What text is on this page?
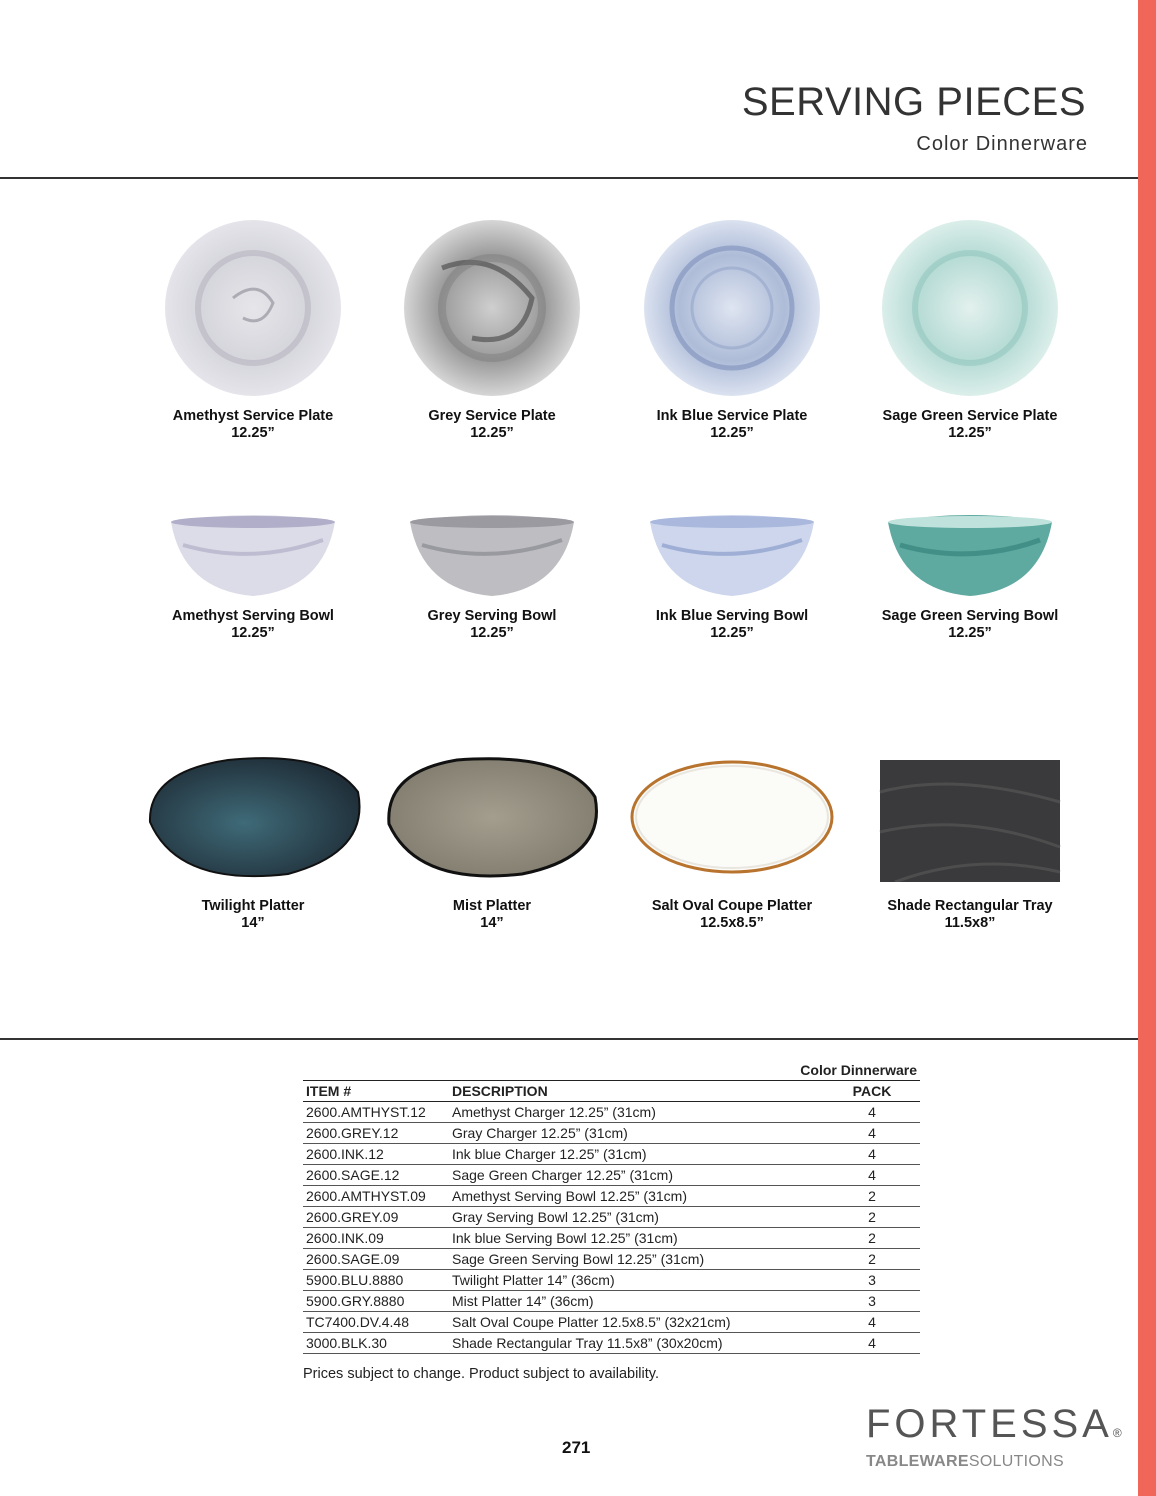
SERVING PIECES
Color Dinnerware
Amethyst Service Plate
12.25”
Grey Service Plate
12.25”
Ink Blue Service Plate
12.25”
Sage Green Service Plate
12.25”
Amethyst Serving Bowl
12.25”
Grey Serving Bowl
12.25”
Ink Blue Serving Bowl
12.25”
Sage Green Serving Bowl
12.25”
Twilight Platter
14”
Mist Platter
14”
Salt Oval Coupe Platter
12.5x8.5”
Shade Rectangular Tray
11.5x8”
Color Dinnerware		
ITEM #	DESCRIPTION	PACK
2600.AMTHYST.12	Amethyst Charger 12.25” (31cm)	4
2600.GREY.12	Gray Charger 12.25” (31cm)	4
2600.INK.12	Ink blue Charger 12.25” (31cm)	4
2600.SAGE.12	Sage Green Charger 12.25” (31cm)	4
2600.AMTHYST.09	Amethyst Serving Bowl 12.25” (31cm)	2
2600.GREY.09	Gray Serving Bowl 12.25” (31cm)	2
2600.INK.09	Ink blue Serving Bowl 12.25” (31cm)	2
2600.SAGE.09	Sage Green Serving Bowl 12.25” (31cm)	2
5900.BLU.8880	Twilight Platter 14” (36cm)	3
5900.GRY.8880	Mist Platter 14” (36cm)	3
TC7400.DV.4.48	Salt Oval Coupe Platter 12.5x8.5” (32x21cm)	4
3000.BLK.30	Shade Rectangular Tray 11.5x8” (30x20cm)	4
Prices subject to change. Product subject to availability.
271
FORTESSA®
TABLEWARESOLUTIONS
